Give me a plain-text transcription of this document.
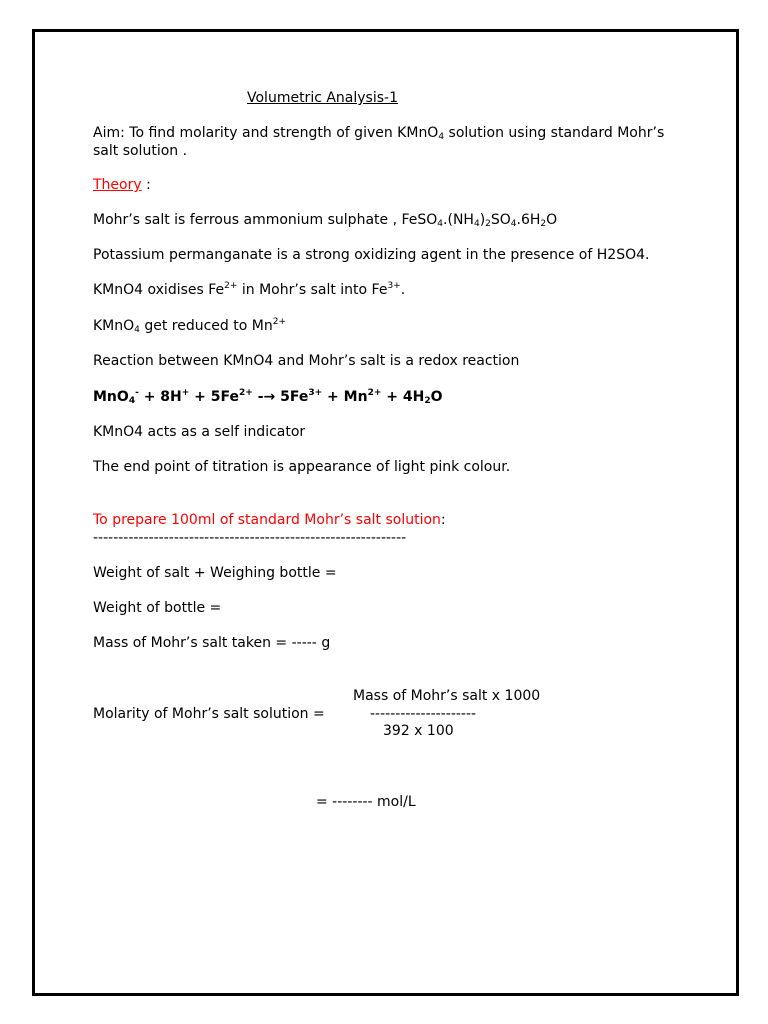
Volumetric Analysis-1
Aim: To find molarity and strength of given KMnO$_4$ solution using standard Mohr’s
salt solution .
Theory :
Mohr’s salt is ferrous ammonium sulphate , $FeSO_4.(NH_4)_2SO_4.6H_2O$
Potassium permanganate is a strong oxidizing agent in the presence of H2SO4.
KMnO4 oxidises $Fe^{2+}$ in Mohr’s salt into $Fe^{3+}$.
KMnO$_4$ get reduced to $Mn^{2+}$
Reaction between KMnO4 and Mohr’s salt is a redox reaction
$MnO_4^- + 8H^+ + 5Fe^{2+} -\to 5Fe^{3+} + Mn^{2+} + 4H_2O$
KMnO4 acts as a self indicator
The end point of titration is appearance of light pink colour.
To prepare 100ml of standard Mohr’s salt solution:
--------------------------------------------------------------
Weight of salt + Weighing bottle =
Weight of bottle =
Mass of Mohr’s salt taken = ----- g
Mass of Mohr’s salt x 1000
Molarity of Mohr’s salt solution =	---------------------
392 x 100
= -------- mol/L
